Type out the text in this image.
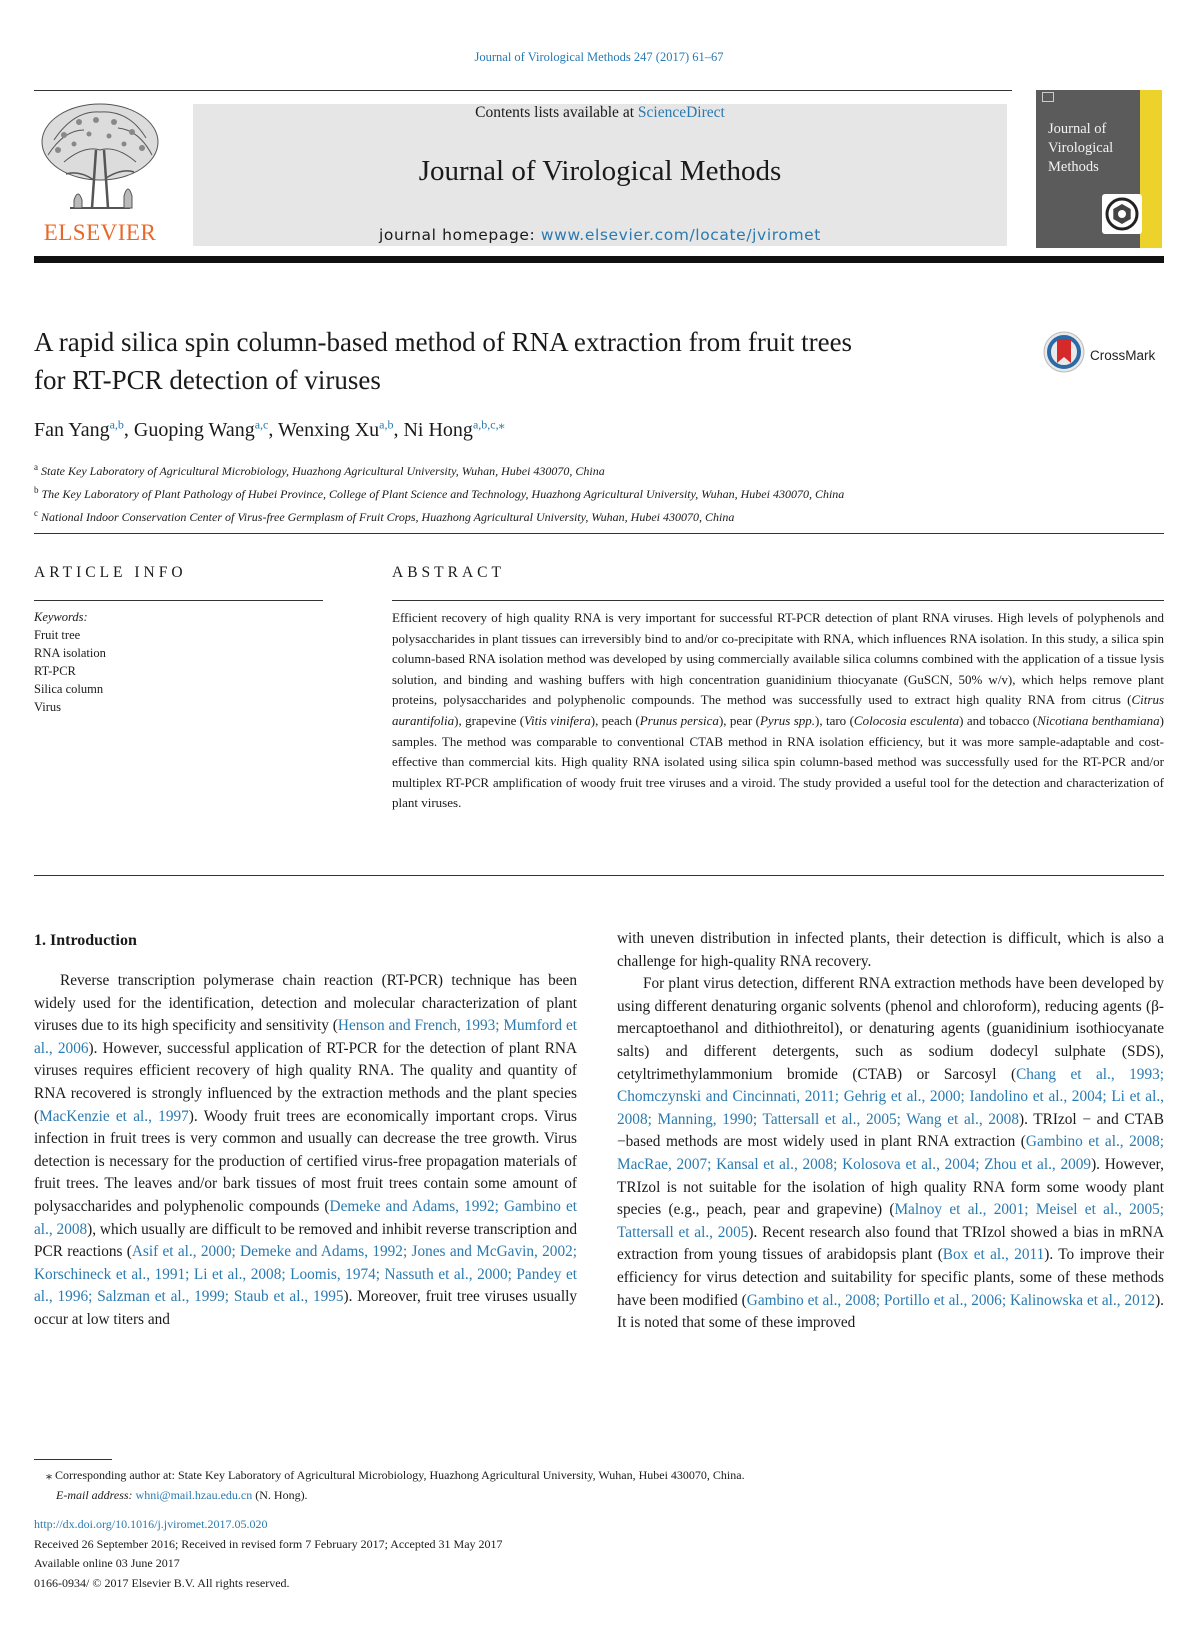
Journal of Virological Methods 247 (2017) 61–67
ELSEVIER
Contents lists available at ScienceDirect
Journal of Virological Methods
journal homepage: www.elsevier.com/locate/jviromet
Journal of
Virological
Methods
A rapid silica spin column-based method of RNA extraction from fruit trees
for RT-PCR detection of viruses
CrossMark
Fan Yang$^{a,b}$, Guoping Wang$^{a,c}$, Wenxing Xu$^{a,b}$, Ni Hong$^{a,b,c,⁎}$
$^a$ State Key Laboratory of Agricultural Microbiology, Huazhong Agricultural University, Wuhan, Hubei 430070, China
$^b$ The Key Laboratory of Plant Pathology of Hubei Province, College of Plant Science and Technology, Huazhong Agricultural University, Wuhan, Hubei 430070, China
$^c$ National Indoor Conservation Center of Virus-free Germplasm of Fruit Crops, Huazhong Agricultural University, Wuhan, Hubei 430070, China
ARTICLE INFO	ABSTRACT
Keywords:
Fruit tree
RNA isolation
RT-PCR
Silica column
Virus
Efficient recovery of high quality RNA is very important for successful RT-PCR detection of plant RNA viruses. High levels of polyphenols and polysaccharides in plant tissues can irreversibly bind to and/or co-precipitate with RNA, which influences RNA isolation. In this study, a silica spin column-based RNA isolation method was developed by using commercially available silica columns combined with the application of a tissue lysis solution, and binding and washing buffers with high concentration guanidinium thiocyanate (GuSCN, 50% w/v), which helps remove plant proteins, polysaccharides and polyphenolic compounds. The method was successfully used to extract high quality RNA from citrus (Citrus aurantifolia), grapevine (Vitis vinifera), peach (Prunus persica), pear (Pyrus spp.), taro (Colocosia esculenta) and tobacco (Nicotiana benthamiana) samples. The method was comparable to conventional CTAB method in RNA isolation efficiency, but it was more sample-adaptable and cost-effective than commercial kits. High quality RNA isolated using silica spin column-based method was successfully used for the RT-PCR and/or multiplex RT-PCR amplification of woody fruit tree viruses and a viroid. The study provided a useful tool for the detection and characterization of plant viruses.
1. Introduction

Reverse transcription polymerase chain reaction (RT-PCR) technique has been widely used for the identification, detection and molecular characterization of plant viruses due to its high specificity and sensitivity (Henson and French, 1993; Mumford et al., 2006). However, successful application of RT-PCR for the detection of plant RNA viruses requires efficient recovery of high quality RNA. The quality and quantity of RNA recovered is strongly influenced by the extraction methods and the plant species (MacKenzie et al., 1997). Woody fruit trees are economically important crops. Virus infection in fruit trees is very common and usually can decrease the tree growth. Virus detection is necessary for the production of certified virus-free propagation materials of fruit trees. The leaves and/or bark tissues of most fruit trees contain some amount of polysaccharides and polyphenolic compounds (Demeke and Adams, 1992; Gambino et al., 2008), which usually are difficult to be removed and inhibit reverse transcription and PCR reactions (Asif et al., 2000; Demeke and Adams, 1992; Jones and McGavin, 2002; Korschineck et al., 1991; Li et al., 2008; Loomis, 1974; Nassuth et al., 2000; Pandey et al., 1996; Salzman et al., 1999; Staub et al., 1995). Moreover, fruit tree viruses usually occur at low titers and

with uneven distribution in infected plants, their detection is difficult, which is also a challenge for high-quality RNA recovery.

For plant virus detection, different RNA extraction methods have been developed by using different denaturing organic solvents (phenol and chloroform), reducing agents (β-mercaptoethanol and dithiothreitol), or denaturing agents (guanidinium isothiocyanate salts) and different detergents, such as sodium dodecyl sulphate (SDS), cetyltrimethylammonium bromide (CTAB) or Sarcosyl (Chang et al., 1993; Chomczynski and Cincinnati, 2011; Gehrig et al., 2000; Iandolino et al., 2004; Li et al., 2008; Manning, 1990; Tattersall et al., 2005; Wang et al., 2008). TRIzol − and CTAB −based methods are most widely used in plant RNA extraction (Gambino et al., 2008; MacRae, 2007; Kansal et al., 2008; Kolosova et al., 2004; Zhou et al., 2009). However, TRIzol is not suitable for the isolation of high quality RNA form some woody plant species (e.g., peach, pear and grapevine) (Malnoy et al., 2001; Meisel et al., 2005; Tattersall et al., 2005). Recent research also found that TRIzol showed a bias in mRNA extraction from young tissues of arabidopsis plant (Box et al., 2011). To improve their efficiency for virus detection and suitability for specific plants, some of these methods have been modified (Gambino et al., 2008; Portillo et al., 2006; Kalinowska et al., 2012). It is noted that some of these improved

⁎ Corresponding author at: State Key Laboratory of Agricultural Microbiology, Huazhong Agricultural University, Wuhan, Hubei 430070, China.
E-mail address: whni@mail.hzau.edu.cn (N. Hong).
http://dx.doi.org/10.1016/j.jviromet.2017.05.020
Received 26 September 2016; Received in revised form 7 February 2017; Accepted 31 May 2017
Available online 03 June 2017
0166-0934/ © 2017 Elsevier B.V. All rights reserved.
